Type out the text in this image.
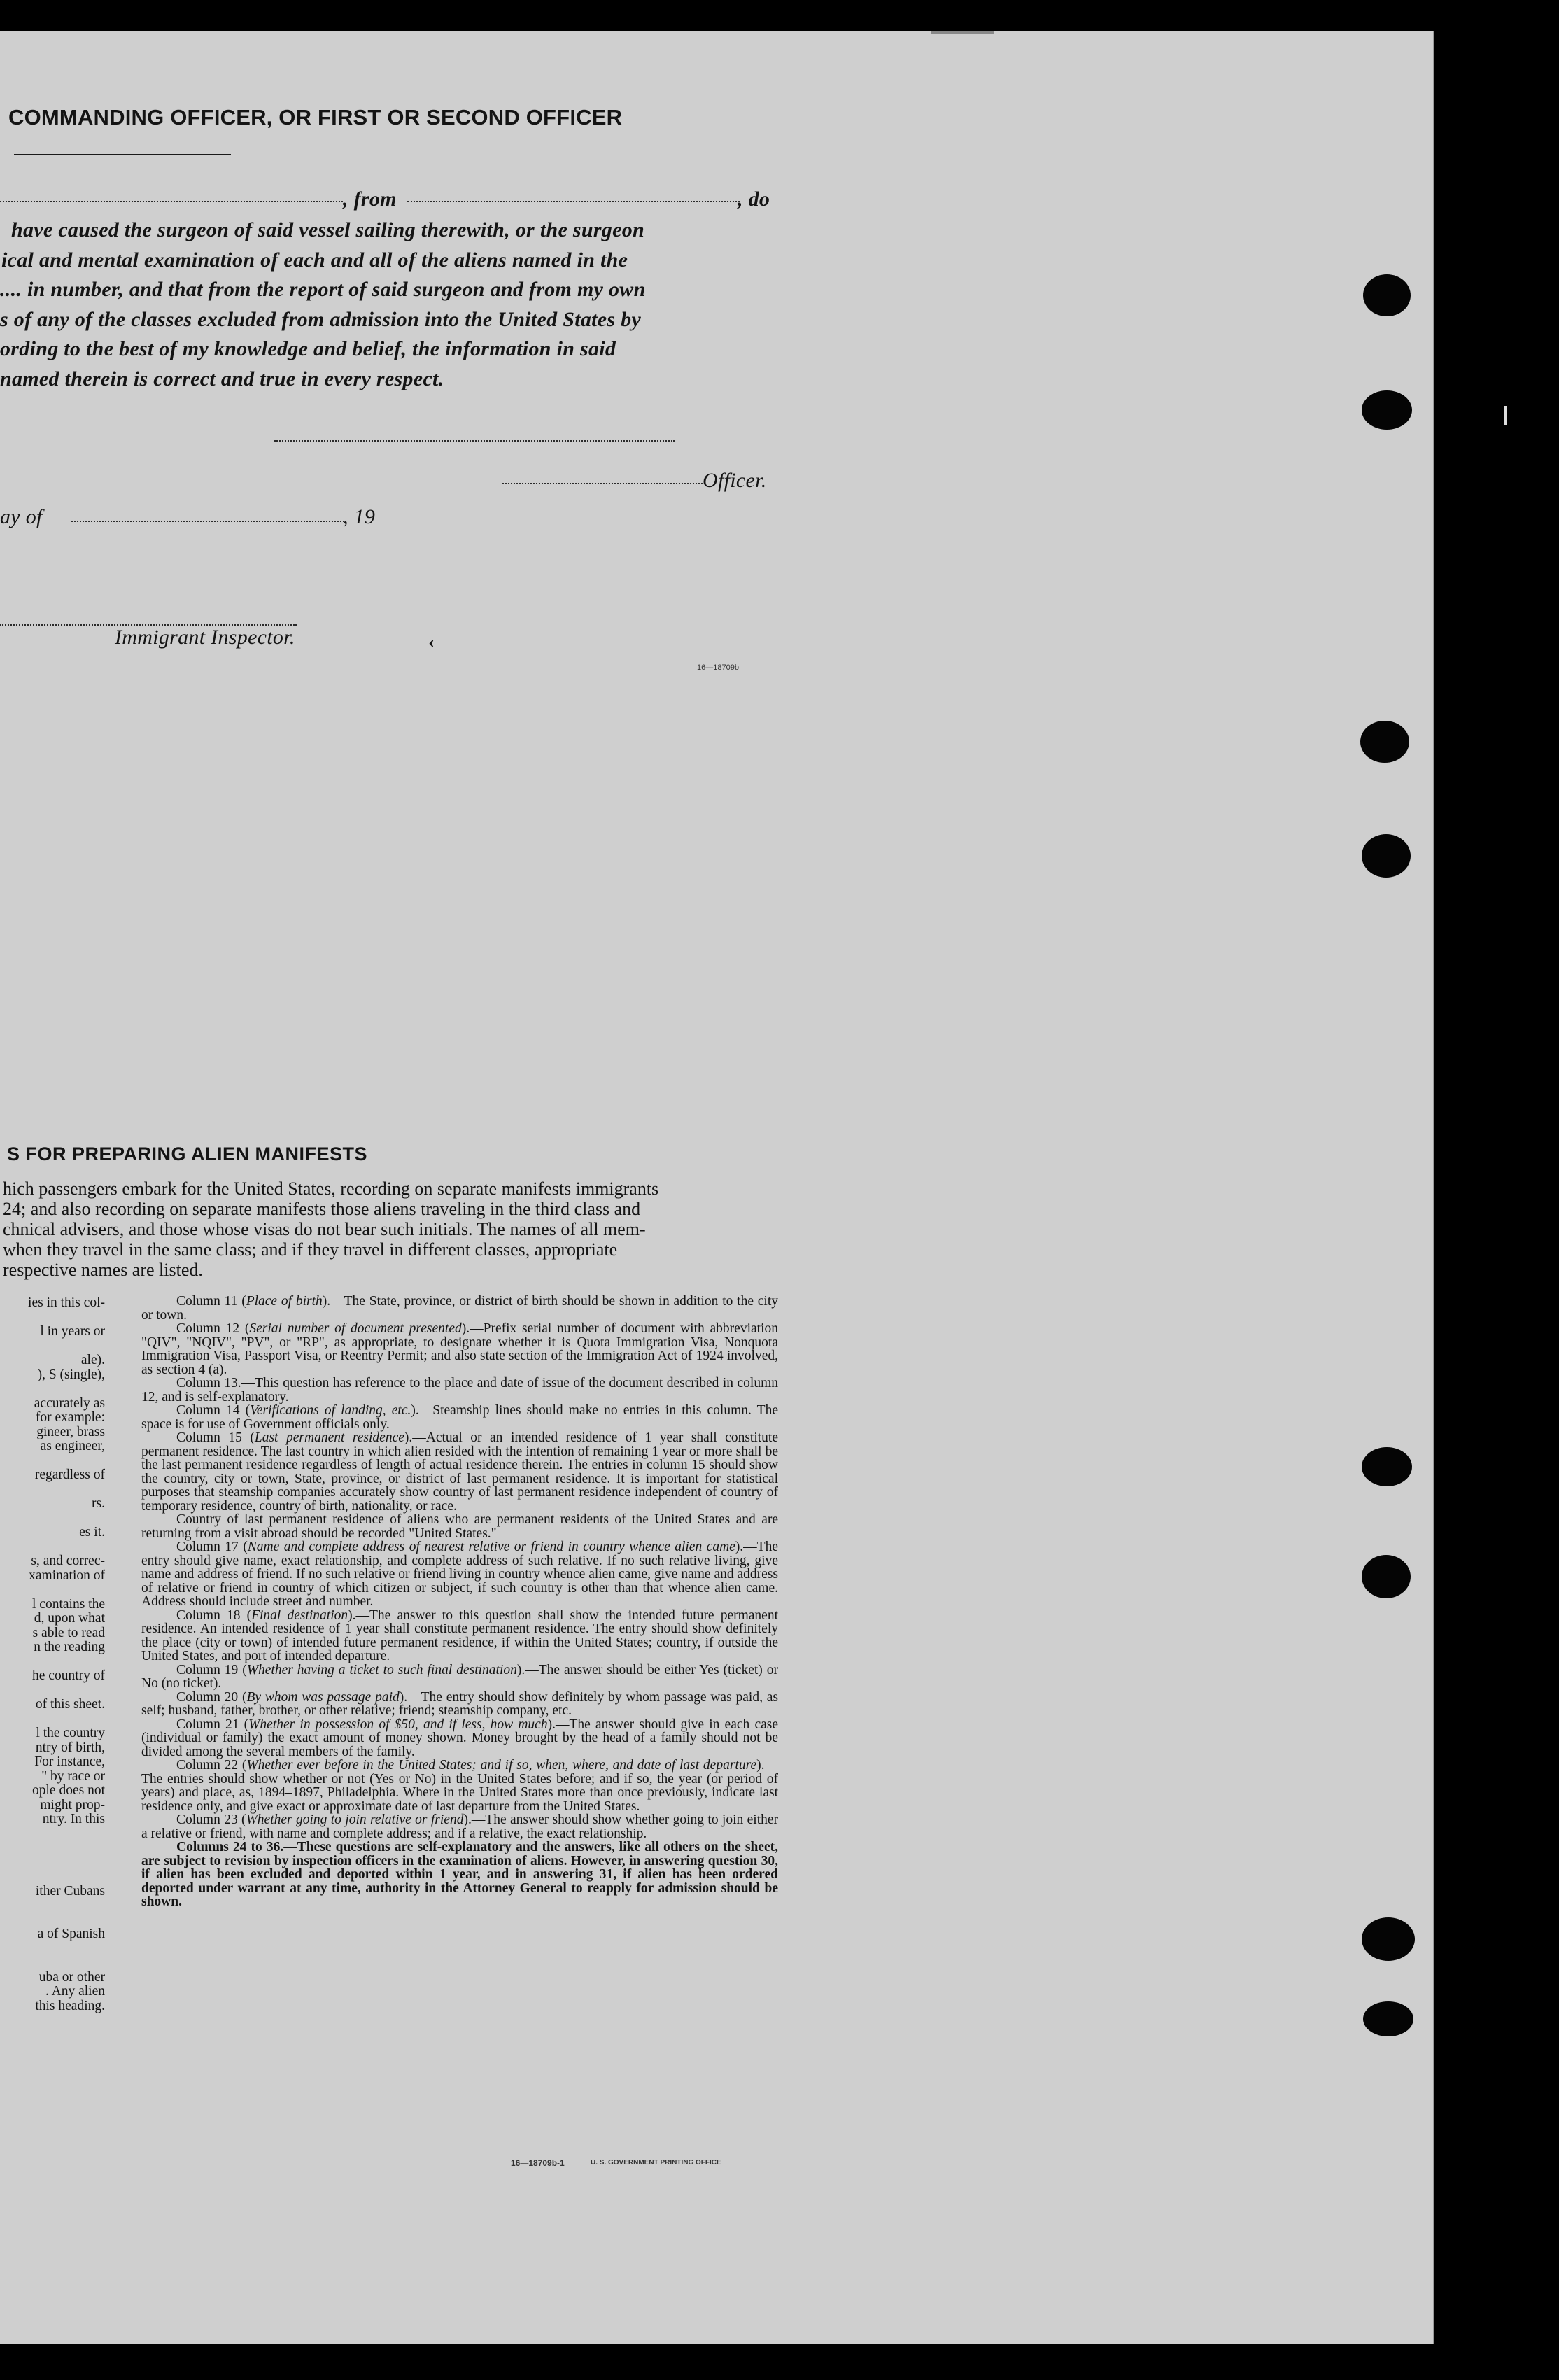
COMMANDING OFFICER, OR FIRST OR SECOND OFFICER
, from	, do
have caused the surgeon of said vessel sailing therewith, or the surgeon
ical and mental examination of each and all of the aliens named in the
.... in number, and that from the report of said surgeon and from my own
s of any of the classes excluded from admission into the United States by
ording to the best of my knowledge and belief, the information in said
named therein is correct and true in every respect.
Officer.
ay of	, 19
Immigrant Inspector.	‹
16—18709b
S FOR PREPARING ALIEN MANIFESTS
hich passengers embark for the United States, recording on separate manifests immigrants
24; and also recording on separate manifests those aliens traveling in the third class and
chnical advisers, and those whose visas do not bear such initials. The names of all mem-
when they travel in the same class; and if they travel in different classes, appropriate
respective names are listed.
ies in this col-
l in years or
ale).
), S (single),
accurately as
for example:
gineer, brass
as engineer,
regardless of
rs.
es it.
s, and correc-
xamination of
l contains the
d, upon what
s able to read
n the reading
he country of
of this sheet.
l the country
ntry of birth,
For instance,
" by race or
ople does not
might prop-
ntry. In this
ither Cubans
a of Spanish
uba or other
. Any alien
this heading.

Column 11 (Place of birth).—The State, province, or district of birth should be shown in addition to the city or town.

Column 12 (Serial number of document presented).—Prefix serial number of document with abbreviation "QIV", "NQIV", "PV", or "RP", as appropriate, to designate whether it is Quota Immigration Visa, Nonquota Immigration Visa, Passport Visa, or Reentry Permit; and also state section of the Immigration Act of 1924 involved, as section 4 (a).

Column 13.—This question has reference to the place and date of issue of the document described in column 12, and is self-explanatory.

Column 14 (Verifications of landing, etc.).—Steamship lines should make no entries in this column. The space is for use of Government officials only.

Column 15 (Last permanent residence).—Actual or an intended residence of 1 year shall constitute permanent residence. The last country in which alien resided with the intention of remaining 1 year or more shall be the last permanent residence regardless of length of actual residence therein. The entries in column 15 should show the country, city or town, State, province, or district of last permanent residence. It is important for statistical purposes that steamship companies accurately show country of last permanent residence independent of country of temporary residence, country of birth, nationality, or race.

Country of last permanent residence of aliens who are permanent residents of the United States and are returning from a visit abroad should be recorded "United States."

Column 17 (Name and complete address of nearest relative or friend in country whence alien came).—The entry should give name, exact relationship, and complete address of such relative. If no such relative living, give name and address of friend. If no such relative or friend living in country whence alien came, give name and address of relative or friend in country of which citizen or subject, if such country is other than that whence alien came. Address should include street and number.

Column 18 (Final destination).—The answer to this question shall show the intended future permanent residence. An intended residence of 1 year shall constitute permanent residence. The entry should show definitely the place (city or town) of intended future permanent residence, if within the United States; country, if outside the United States, and port of intended departure.

Column 19 (Whether having a ticket to such final destination).—The answer should be either Yes (ticket) or No (no ticket).

Column 20 (By whom was passage paid).—The entry should show definitely by whom passage was paid, as self; husband, father, brother, or other relative; friend; steamship company, etc.

Column 21 (Whether in possession of $50, and if less, how much).—The answer should give in each case (individual or family) the exact amount of money shown. Money brought by the head of a family should not be divided among the several members of the family.

Column 22 (Whether ever before in the United States; and if so, when, where, and date of last departure).—The entries should show whether or not (Yes or No) in the United States before; and if so, the year (or period of years) and place, as, 1894–1897, Philadelphia. Where in the United States more than once previously, indicate last residence only, and give exact or approximate date of last departure from the United States.

Column 23 (Whether going to join relative or friend).—The answer should show whether going to join either a relative or friend, with name and complete address; and if a relative, the exact relationship.

Columns 24 to 36.—These questions are self-explanatory and the answers, like all others on the sheet, are subject to revision by inspection officers in the examination of aliens. However, in answering question 30, if alien has been excluded and deported within 1 year, and in answering 31, if alien has been ordered deported under warrant at any time, authority in the Attorney General to reapply for admission should be shown.

16—18709b-1	U. S. GOVERNMENT PRINTING OFFICE
